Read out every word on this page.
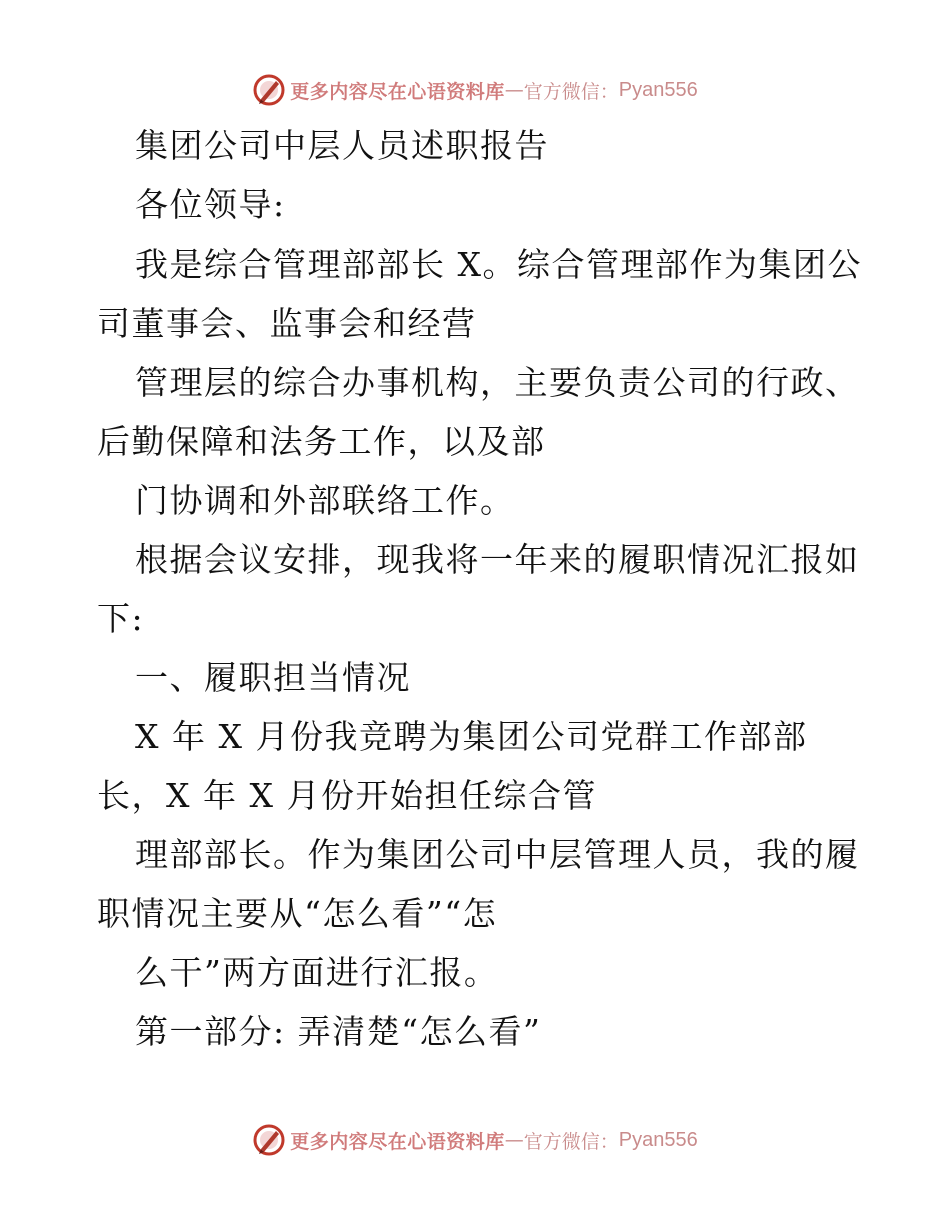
更多内容尽在心语资料库 — 官方微信： Pyan556
集团公司中层人员述职报告
各位领导:
我是综合管理部部长 X。综合管理部作为集团公
司董事会、监事会和经营
管理层的综合办事机构，主要负责公司的行政、
后勤保障和法务工作，以及部
门协调和外部联络工作。
根据会议安排，现我将一年来的履职情况汇报如
下:
一、履职担当情况
X 年 X 月份我竞聘为集团公司党群工作部部
长，X 年 X 月份开始担任综合管
理部部长。作为集团公司中层管理人员，我的履
职情况主要从“怎么看”“怎
么干”两方面进行汇报。
第一部分: 弄清楚“怎么看”
更多内容尽在心语资料库 — 官方微信： Pyan556
